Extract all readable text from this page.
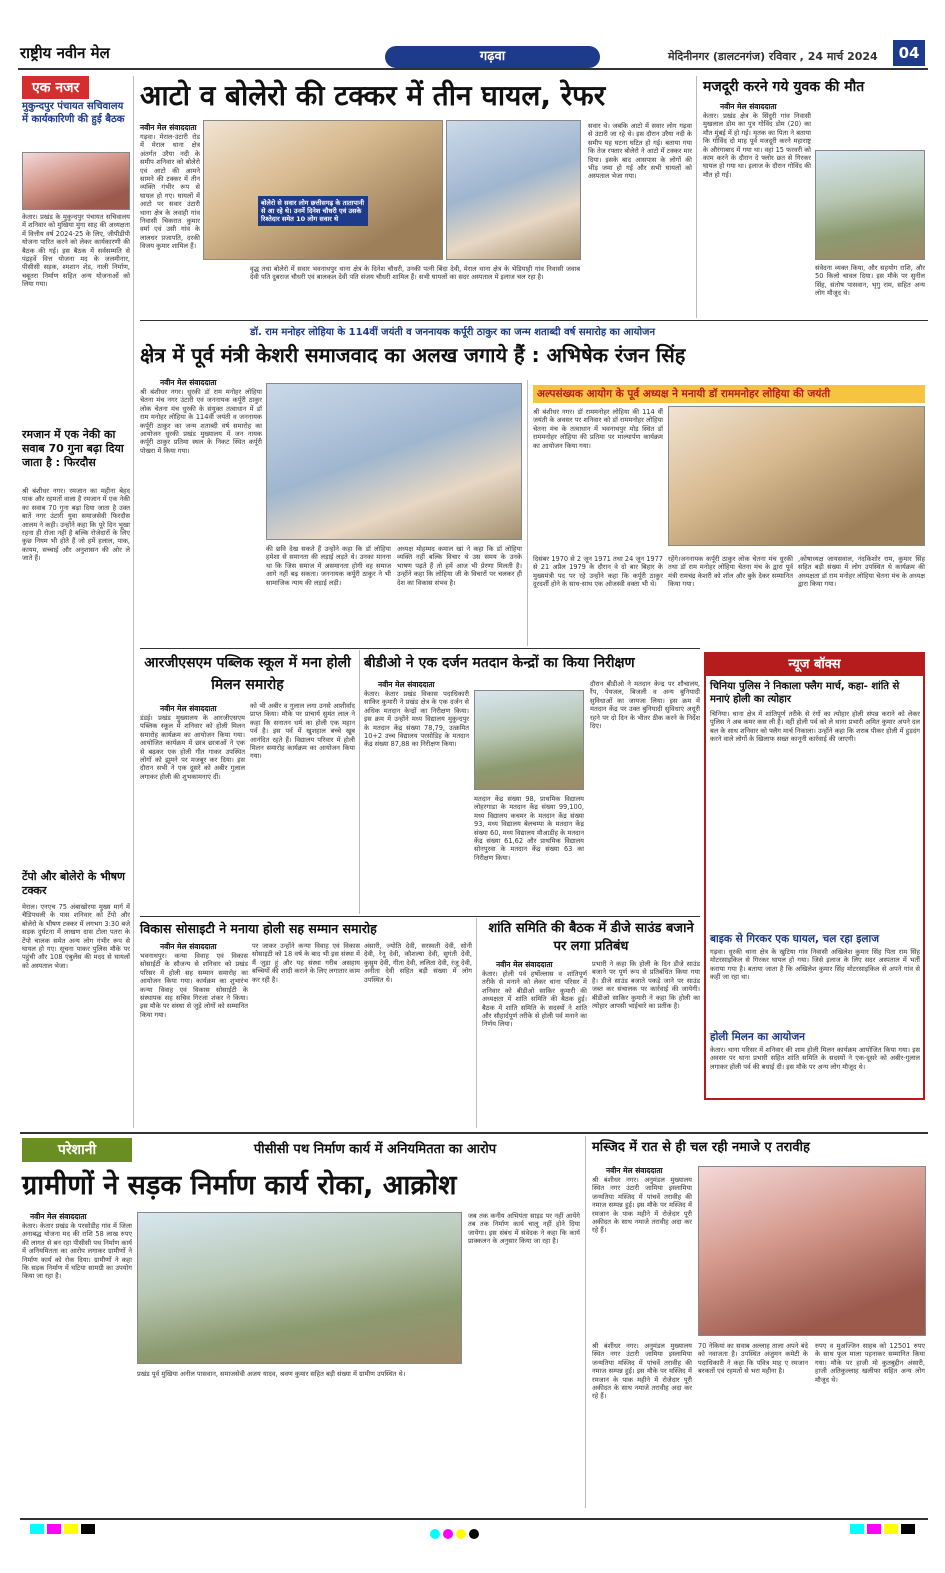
राष्ट्रीय नवीन मेल	गढ़वा	मेदिनीनगर (डालटनगंज) रविवार , 24 मार्च 2024	04
एक नजर
मुकुन्दपुर पंचायत सचिवालय में कार्यकारिणी की हुई बैठक
केतार। प्रखंड के मुकुन्दपुर पंचायत सचिवालय में शनिवार को मुखिया मुंगा साह की अध्यक्षता में वित्तीय वर्ष 2024-25 के लिए, जीपीडीपी योजना पारित करने को लेकर कार्यकारणी की बैठक की गई। इस बैठक में सर्वसम्मति से पंद्रहवें वित्त योजना मद के जलमीनार, पीसीसी सड़क, श्मशान शेड, नाली निर्माण, चबूतरा निर्माण सहित अन्य योजनाओं को लिया गया।
रमजान में एक नेकी का सवाब 70 गुना बढ़ा दिया जाता है : फिरदौस
श्री बंशीधर नगर। रमजान का महीना बेहद पाक और रहमतों वाला है रमजान में एक नेकी का सवाब 70 गुना बढ़ा दिया जाता है उक्त बातें नगर उंटारी युवा समाजसेवी फिरदौस आलम ने कही। उन्होंने कहा कि पूरे दिन भूखा रहना ही रोजा नहीं है बल्कि रोजेदारों के लिए कुछ नियम भी होते हैं जो हमें हलाल, पाक, कायम, सच्चाई और अनुशासन की ओर ले जाते हैं।
टेंपो और बोलेरो के भीषण टक्कर
मेराल। एनएच 75 अंबाखोरया मुख्य मार्ग में चैडिपथली के पास शनिवार को टेंपो और बोलेरो के भीषण टक्कर में लगभग 3:30 बजे सड़क दुर्घटना में लाखण दास टोला पतरा के टेंपो चालक समेत अन्य लोग गंभीर रूप से घायल हो गए। सूचना पाकर पुलिस मौके पर पहुंची और 108 एंबुलेंस की मदद से घायलों को अस्पताल भेजा।
आटो व बोलेरो की टक्कर में तीन घायल, रेफर
नवीन मेल संवाददाता
गढ़वा। मेराल-उंटारी रोड में मेराल थाना क्षेत्र अंतर्गत उरैया नदी के समीप शनिवार को बोलेरो एवं आटो की आमने सामने की टक्कर में तीन व्यक्ति गंभीर रूप से घायल हो गए। घायलों में आटो पर सवार उंटारी थाना क्षेत्र के लवाही गांव निवासी चिकरात कुमार वर्मा एवं उसी गांव के लालधर प्रजापति, दरकी विजय कुमार शामिल हैं।
बोलेरो से सवार लोग छत्तीसगढ़ के तातापानी से आ रहे थे। उनमें दिनेश चौधरी एवं उसके रिश्तेदार समेत 10 लोग सवार थे
वृद्ध तथा बोलेरो में सवार भवनाथपुर थाना क्षेत्र के दिनेश चौधरी, उनकी पत्नी बिंदा देवी, मेराल थाना क्षेत्र के भेडियाही गांव निवासी जवाब देवी पति दुबराज चौधरी एवं बालकल देवी पति संजय चौधरी शामिल हैं। सभी घायलों का सदर अस्पताल में इलाज चल रहा है।
सवार थे। जबकि आटो में सवार लोग गढ़वा से उंटारी जा रहे थे। इस दौरान उरैया नदी के समीप यह घटना घटित हो गई। बताया गया कि तेज रफ्तार बोलेरो ने आटो में टक्कर मार दिया। इसके बाद आसपास के लोगों की भीड़ जमा हो गई और सभी घायलों को अस्पताल भेजा गया।
मजदूरी करने गये युवक की मौत
नवीन मेल संवाददाता
केतार। प्रखंड क्षेत्र के सिंदुरी गांव निवासी मुखलाल डोम का पुत्र गोविंद डोम (20) का मौत मुंबई में हो गई। मृतक का पिता ने बताया कि गोविंद दो माह पूर्व मजदूरी करने महाराष्ट्र के औरंगाबाद में गया था। वहां 15 फरवरी को काम करने के दौरान दे फ्लोर छत से गिरकर घायल हो गया था। इलाज के दौरान गोविंद की मौत हो गई।
संवेदना व्यक्त किया, और सहयोग राशि, और 50 किलो चावल दिया। इस मौके पर सुनील सिंह, संतोष पासवान, भृगु राम, सहित अन्य लोग मौजूद थे।
डॉ. राम मनोहर लोहिया के 114वीं जयंती व जननायक कर्पूरी ठाकुर का जन्म शताब्दी वर्ष समारोह का आयोजन
क्षेत्र में पूर्व मंत्री केशरी समाजवाद का अलख जगाये हैं : अभिषेक रंजन सिंह
नवीन मेल संवाददाता
श्री बंशीधर नगर। धुरकी डॉ राम मनोहर लोहिया चेतना मंच नगर उंटारी एवं जननायक कर्पूरी ठाकुर लोक चेतना मंच धुरकी के संयुक्त तत्वाधान में डॉ राम मनोहर लोहिया के 114वीं जयंती व जननायक कर्पूरी ठाकुर का जन्म शताब्दी वर्ष समारोह का आयोजन धुरकी प्रखंड मुख्यालय में जन नायक कर्पूरी ठाकुर प्रतिमा स्थल के निकट स्थित कर्पूरी पोखरा में किया गया।
की छवि देख सकते हैं उन्होंने कहा कि डॉ लोहिया हमेशा से समानता की लड़ाई लड़ते थे। उनका मानना था कि जिस समाज में असमानता होगी वह समाज आगे नहीं बढ़ सकता। जननायक कर्पूरी ठाकुर ने भी सामाजिक न्याय की लड़ाई लड़ी।
अध्यक्ष मोहम्मद कमाल खां ने कहा कि डॉ लोहिया व्यक्ति नहीं बल्कि विचार थे उस समय के उनके भाषण पढ़ते हैं तो हमें आज भी प्रेरणा मिलती है। उन्होंने कहा कि लोहिया जी के विचारों पर चलकर ही देश का विकास संभव है।
अल्पसंख्यक आयोग के पूर्व अध्यक्ष ने मनायी डॉ राममनोहर लोहिया की जयंती
श्री बंशीधर नगर। डॉ राममनोहर लोहिया की 114 वीं जयंती के अवसर पर शनिवार को डॉ राममनोहर लोहिया चेतना मंच के तत्वाधान में भवनाथपुर मोड़ स्थित डॉ राममनोहर लोहिया की प्रतिमा पर माल्यार्पण कार्यक्रम का आयोजन किया गया।
दिसंबर 1970 से 2 जून 1971 तथा 24 जून 1977 से 21 अप्रैल 1979 के दौरान वे दो बार बिहार के मुख्यमंत्री पद पर रहे उन्होंने कहा कि कर्पूरी ठाकुर दूरदर्शी होने के साथ-साथ एक ओजस्वी वक्ता भी थे।
रहेंगे।जननायक कर्पूरी ठाकुर लोक चेतना मंच धुरकी तथा डॉ राम मनोहर लोहिया चेतना मंच के द्वारा पूर्व मंत्री रामचंद्र केशरी को शॉल और बुके देकर सम्मानित किया गया।
,कोषाध्यक्ष जायसवाल, नंदकिशोर राम, कुमार सिंह सहित बड़ी संख्या में लोग उपस्थित थे कार्यक्रम की अध्यक्षता डॉ राम मनोहर लोहिया चेतना मंच के अध्यक्ष द्वारा किया गया।
आरजीएसएम पब्लिक स्कूल में मना होली मिलन समारोह
नवीन मेल संवाददाता
डंडई। प्रखंड मुख्यालय के आरजीएसएम पब्लिक स्कूल में शनिवार को होली मिलन समारोह कार्यक्रम का आयोजन किया गया। आयोजित कार्यक्रम में छात्र छात्राओं ने एक से बढ़कर एक होली गीत गाकर उपस्थित लोगों को झूमने पर मजबूर कर दिया। इस दौरान सभी ने एक दूसरे को अबीर गुलाल लगाकर होली की शुभकामनाएं दीं।
को भी अबीर व गुलाल लगा उनसे आशीर्वाद प्राप्त किया। मौके पर प्राचार्य सुमंत लाल ने कहा कि सनातन धर्म का होली एक महान पर्व है। इस पर्व में खुशहाल बच्चे खूब आनंदित रहते हैं। विद्यालय परिवार में होली मिलन समारोह कार्यक्रम का आयोजन किया गया।
बीडीओ ने एक दर्जन मतदान केन्द्रों का किया निरीक्षण
नवीन मेल संवाददाता
केतार। केतार प्रखंड विकास पदाधिकारी साकिर कुमारी ने प्रखंड क्षेत्र के एक दर्जन से अधिक मतदान केन्द्रों का निरीक्षण किया। इस क्रम में उन्होंने मध्य विद्यालय मुकुन्दपुर के मतदान केंद्र संख्या 78,79, उत्क्रमित 10+2 उच्च विद्यालय परसोडिह के मतदान केंद्र संख्या 87,88 का निरीक्षण किया।
मतदान केंद्र संख्या 98, प्राथमिक विद्यालय लोहरगाडा के मतदान केंद्र संख्या 99,100, मध्य विद्यालय कचमर के मतदान केंद्र संख्या 93, मध्य विद्यालय बेलचम्पा के मतदान केंद्र संख्या 60, मध्य विद्यालय मौआडीह के मतदान केंद्र संख्या 61,62 और प्राथमिक विद्यालय सोनपुरवा के मतदान केंद्र संख्या 63 का निरीक्षण किया।
दौरान बीडीओ ने मतदान केन्द्र पर शौचालय, रैंप, पेयजल, बिजली व अन्य बुनियादी सुविधाओं का जायजा लिया। इस क्रम में मतदान केंद्र पर उक्त बुनियादी सुविधाएं अधूरी रहने पर दो दिन के भीतर ठीक करने के निर्देश दिए।
न्यूज बॉक्स
चिनिया पुलिस ने निकाला फ्लैग मार्च, कहा- शांति से मनाएं होली का त्योहार
चिनिया। थाना क्षेत्र में शांतिपूर्ण तरीके से रंगों का त्योहार होली संपन्न कराने को लेकर पुलिस ने अब कमर कस ली है। वहीं होली पर्व को ले थाना प्रभारी अमित कुमार अपने दल बल के साथ शनिवार को फ्लैग मार्च निकाला। उन्होंने कहा कि शराब पीकर होली में हुड़दंग करने वाले लोगों के खिलाफ सख्त कानूनी कार्रवाई की जाएगी।
बाइक से गिरकर एक घायल, चल रहा इलाज
गढ़वा। धुरकी थाना क्षेत्र के खुटिया गांव निवासी अखिलेश कुमार सिंह पिता राम सिंह मोटरसाइकिल से गिरकर घायल हो गया। जिसे इलाज के लिए सदर अस्पताल में भर्ती कराया गया है। बताया जाता है कि अखिलेश कुमार सिंह मोटरसाइकिल से अपने गांव से कहीं जा रहा था।
होली मिलन का आयोजन
केतार। थाना परिसर में शनिवार की शाम होली मिलन कार्यक्रम आयोजित किया गया। इस अवसर पर थाना प्रभारी सहित शांति समिति के सदस्यों ने एक-दूसरे को अबीर-गुलाल लगाकर होली पर्व की बधाई दी। इस मौके पर अन्य लोग मौजूद थे।
विकास सोसाइटी ने मनाया होली सह सम्मान समारोह
नवीन मेल संवाददाता
भवनाथपुर। कन्या विवाह एवं विकास सोसाईटी के सौजन्य से शनिवार को प्रखंड परिसर में होली सह सम्मान समारोह का आयोजन किया गया। कार्यक्रम का शुभारंभ कन्या विवाह एवं विकास सोसाईटी के संस्थापक सह सचिव गिरजा शंकर ने किया। इस मौके पर संस्था से जुड़े लोगों को सम्मानित किया गया।
पर जाकर उन्होंने कन्या विवाह एवं विकास सोसाइटी को 18 वर्ष के बाद भी इस संस्था में मैं जुड़ा हूं और यह संस्था गरीब असहाय बच्चियों की शादी कराने के लिए लगातार काम कर रही है।
अंसारी, ज्योति देवी, सरस्वती देवी, सोनी देवी, रेनू देवी, कौशल्या देवी, सुगंती देवी, कुसुम देवी, गीता देवी, ललिता देवी, रंजू देवी, अनीता देवी सहित बड़ी संख्या में लोग उपस्थित थे।
शांति समिति की बैठक में डीजे साउंड बजाने पर लगा प्रतिबंध
नवीन मेल संवाददाता
केतार। होली पर्व हर्षोल्लास व शांतिपूर्ण तरीके से मनाने को लेकर थाना परिसर में शनिवार को बीडीओ साकिर कुमारी की अध्यक्षता में शांति समिति की बैठक हुई। बैठक में शांति समिति के सदस्यों ने शांति और सौहार्दपूर्ण तरीके से होली पर्व मनाने का निर्णय लिया।
प्रभारी ने कहा कि होली के दिन डीजे साउंड बजाने पर पूर्ण रूप से प्रतिबंधित किया गया है। डीजे साउंड बजाते पकड़े जाने पर साउंड जब्त कर संचालक पर कार्रवाई की जायेगी। बीडीओ साकिर कुमारी ने कहा कि होली का त्योहार आपसी भाईचारे का प्रतीक है।
परेशानी	पीसीसी पथ निर्माण कार्य में अनियमितता का आरोप
ग्रामीणों ने सड़क निर्माण कार्य रोका, आक्रोश
नवीन मेल संवाददाता
केतार। केतार प्रखंड के परसोडीह गांव में जिला अनाबद्ध योजना मद की राशि 58 लाख रुपए की लागत से बन रहा पीसीसी पथ निर्माण कार्य में अनियमितता का आरोप लगाकर ग्रामीणों ने निर्माण कार्य को रोक दिया। ग्रामीणों ने कहा कि सड़क निर्माण में घटिया सामग्री का उपयोग किया जा रहा है।
प्रखंड पूर्व मुखिया अनील पासवान, समाजसेवी अजय यादव, श्रवण कुमार सहित बड़ी संख्या में ग्रामीण उपस्थित थे।
जब तक कनीय अभियंता साइड पर नहीं आयेंगे तब तक निर्माण कार्य चालू नहीं होने दिया जायेगा। इस संबंध में संवेदक ने कहा कि कार्य प्राक्कलन के अनुसार किया जा रहा है।
मस्जिद में रात से ही चल रही नमाजे ए तरावीह
नवीन मेल संवाददाता
श्री बंशीधर नगर। अनुमंडल मुख्यालय स्थित नगर उंटारी जामिया इस्लामिया जन्मतिया मस्जिद में पांचवें तरावीह की नमाज सम्पन्न हुई। इस मौके पर मस्जिद में रमजान के पाक महीने में रोजेदार पूरी अकीदत के साथ नमाजे तरावीह अदा कर रहे हैं।
70 नेकियां का सवाब अल्लाह ताला अपने बंदे को नवाजता है। उपस्थित अंजुमन कमेटी के पदाधिकारी ने कहा कि पवित्र माह ए रमजान बरकतों एवं रहमतों से भरा महीना है।
रुपए व मुअज्जिन साहब को 12501 रुपए के साथ फूल माला पहनाकर सम्मानित किया गया। मौके पर हाजी मो कुतबुद्दीन अंसारी, हाजी अतिकुल्लाह खलीफा सहित अन्य लोग मौजूद थे।
श्री बंशीधर नगर। अनुमंडल मुख्यालय स्थित नगर उंटारी जामिया इस्लामिया जन्मतिया मस्जिद में पांचवें तरावीह की नमाज सम्पन्न हुई। इस मौके पर मस्जिद में रमजान के पाक महीने में रोजेदार पूरी अकीदत के साथ नमाजे तरावीह अदा कर रहे हैं।
